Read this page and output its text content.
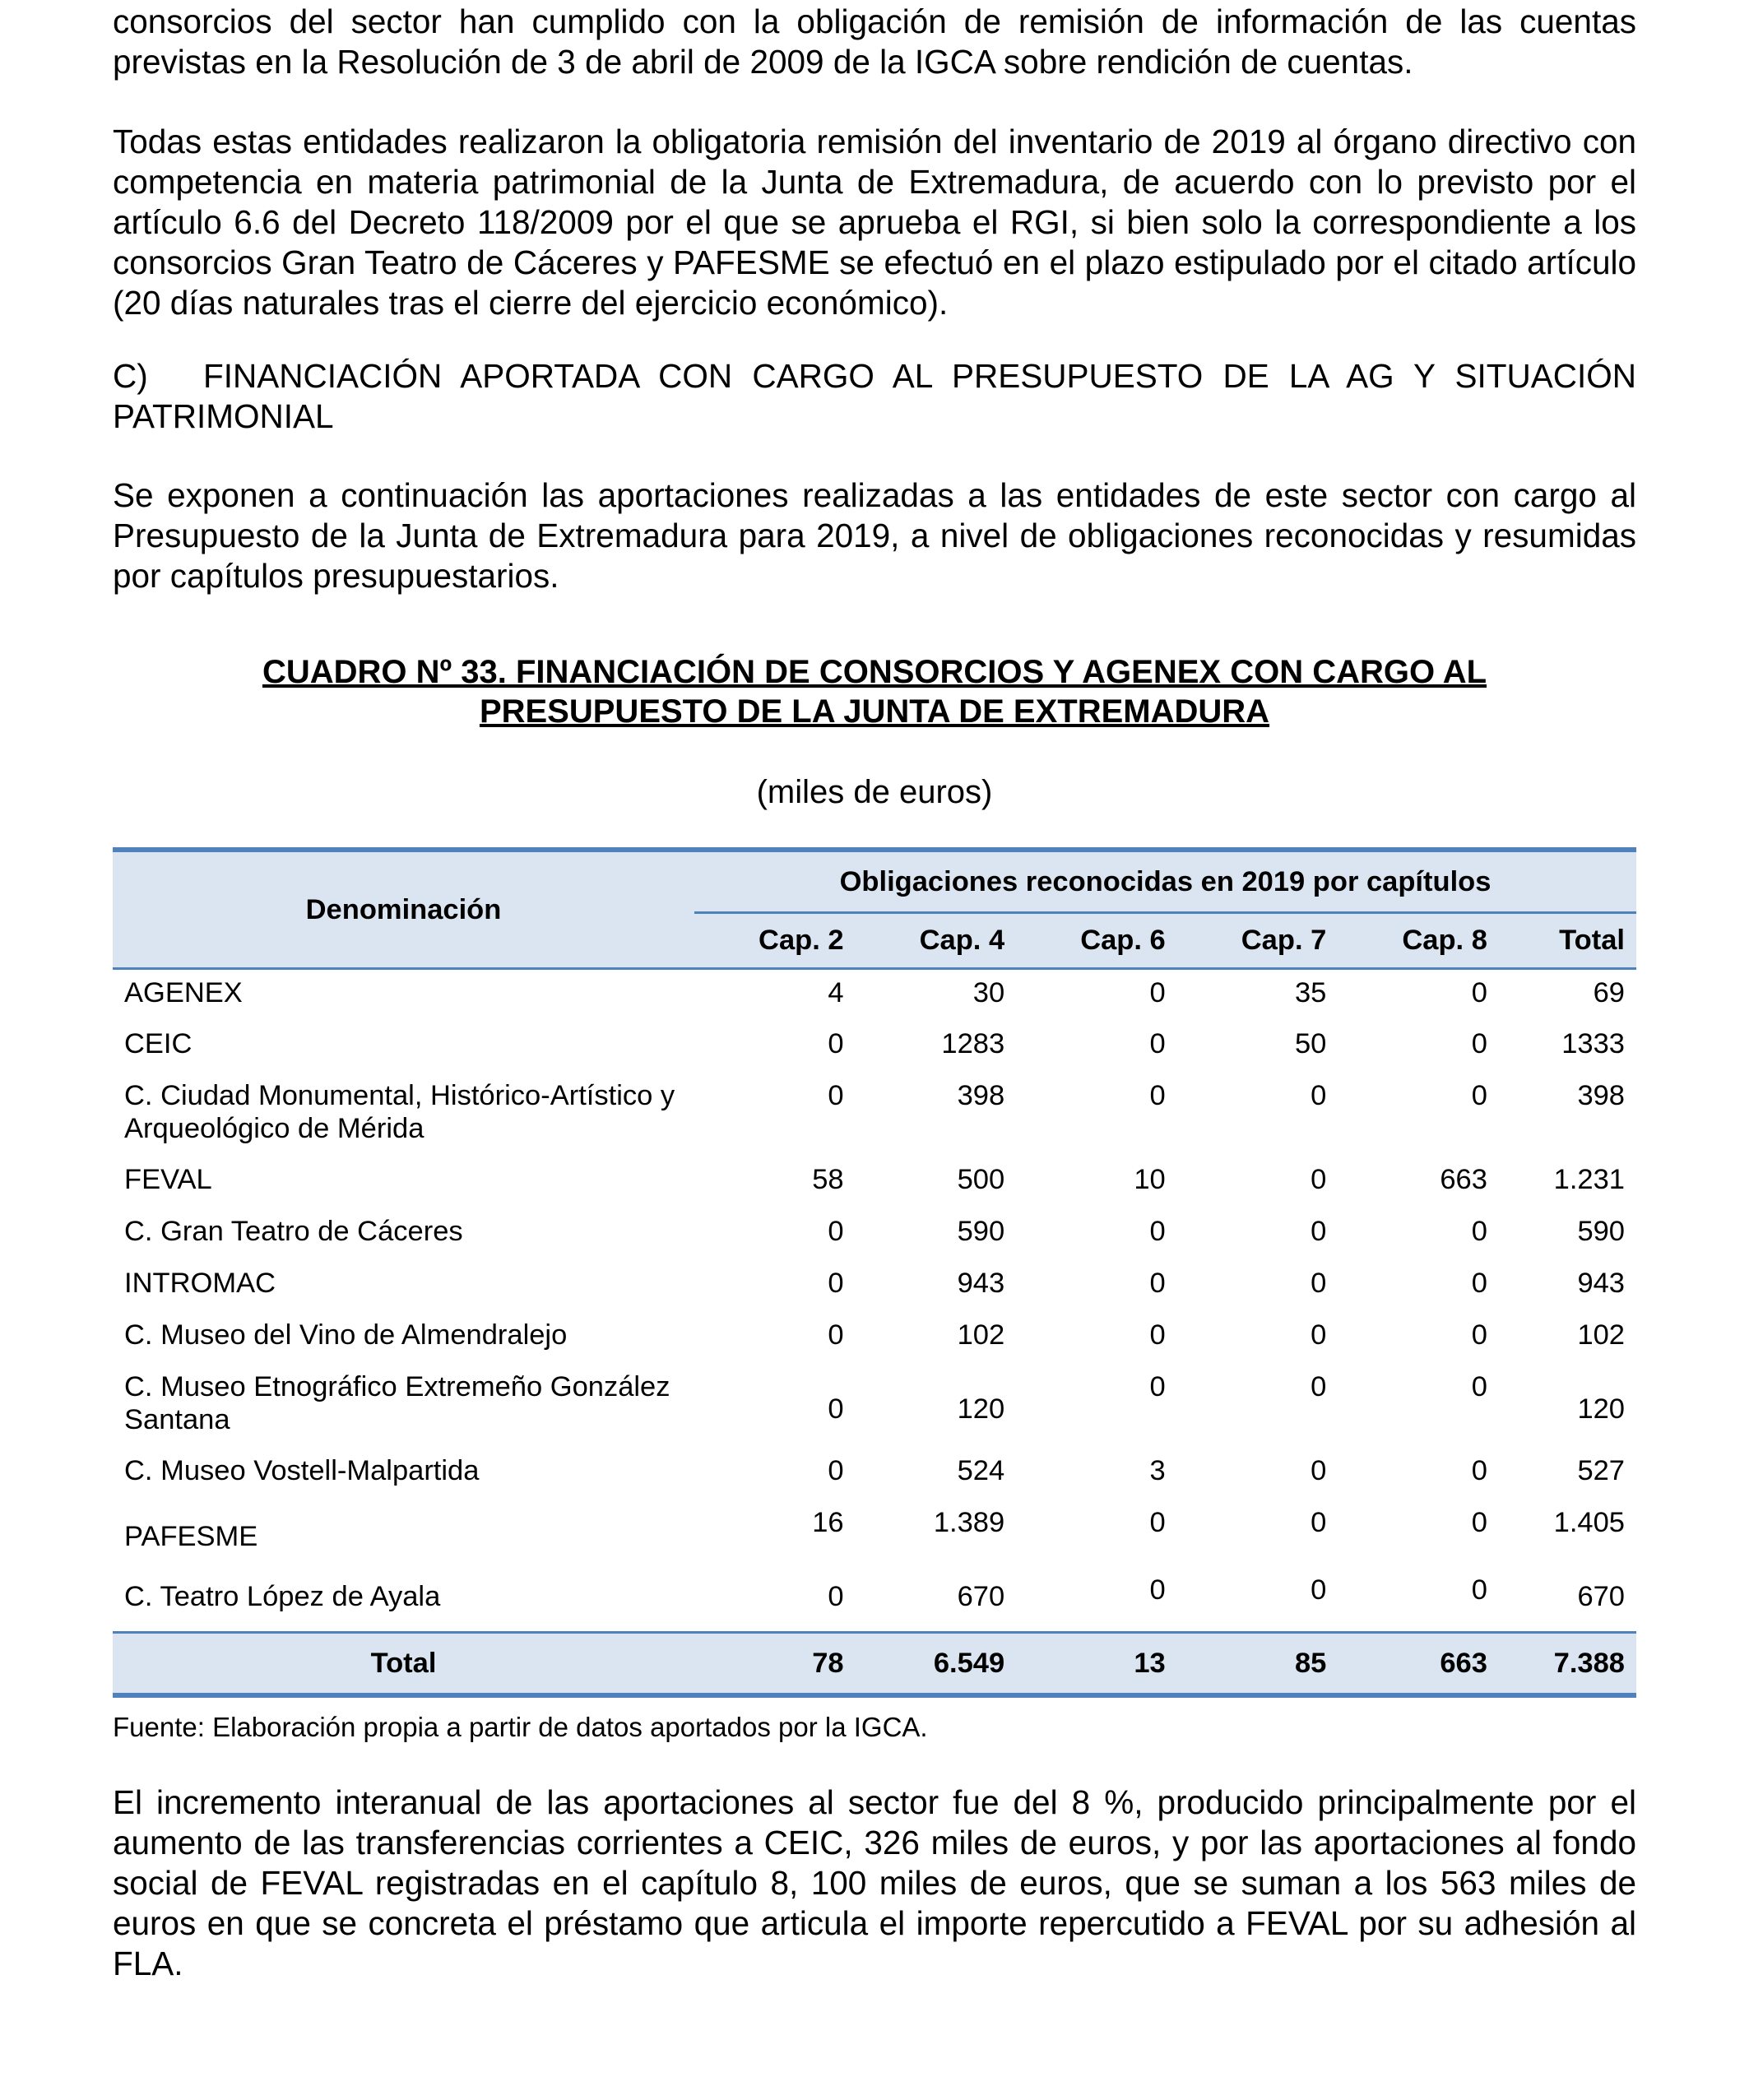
consorcios del sector han cumplido con la obligación de remisión de información de las cuentas previstas en la Resolución de 3 de abril de 2009 de la IGCA sobre rendición de cuentas.

Todas estas entidades realizaron la obligatoria remisión del inventario de 2019 al órgano directivo con competencia en materia patrimonial de la Junta de Extremadura, de acuerdo con lo previsto por el artículo 6.6 del Decreto 118/2009 por el que se aprueba el RGI, si bien solo la correspondiente a los consorcios Gran Teatro de Cáceres y PAFESME se efectuó en el plazo estipulado por el citado artículo (20 días naturales tras el cierre del ejercicio económico).

C)	FINANCIACIÓN APORTADA CON CARGO AL PRESUPUESTO DE LA AG Y SITUACIÓN
PATRIMONIAL

Se exponen a continuación las aportaciones realizadas a las entidades de este sector con cargo al Presupuesto de la Junta de Extremadura para 2019, a nivel de obligaciones reconocidas y resumidas por capítulos presupuestarios.

CUADRO Nº 33. FINANCIACIÓN DE CONSORCIOS Y AGENEX CON CARGO AL
PRESUPUESTO DE LA JUNTA DE EXTREMADURA
(miles de euros)
Denominación	Obligaciones reconocidas en 2019 por capítulos					
	Cap. 2	Cap. 4	Cap. 6	Cap. 7	Cap. 8	Total
AGENEX	4	30	0	35	0	69
CEIC	0	1283	0	50	0	1333
C. Ciudad Monumental, Histórico-Artístico y Arqueológico de Mérida	0	398	0	0	0	398
FEVAL	58	500	10	0	663	1.231
C. Gran Teatro de Cáceres	0	590	0	0	0	590
INTROMAC	0	943	0	0	0	943
C. Museo del Vino de Almendralejo	0	102	0	0	0	102
C. Museo Etnográfico Extremeño González Santana	0	120	0	0	0	120
C. Museo Vostell-Malpartida	0	524	3	0	0	527
PAFESME	16	1.389	0	0	0	1.405
C. Teatro López de Ayala	0	670	0	0	0	670
Total	78	6.549	13	85	663	7.388
Fuente: Elaboración propia a partir de datos aportados por la IGCA.

El incremento interanual de las aportaciones al sector fue del 8 %, producido principalmente por el aumento de las transferencias corrientes a CEIC, 326 miles de euros, y por las aportaciones al fondo social de FEVAL registradas en el capítulo 8, 100 miles de euros, que se suman a los 563 miles de euros en que se concreta el préstamo que articula el importe repercutido a FEVAL por su adhesión al FLA.
